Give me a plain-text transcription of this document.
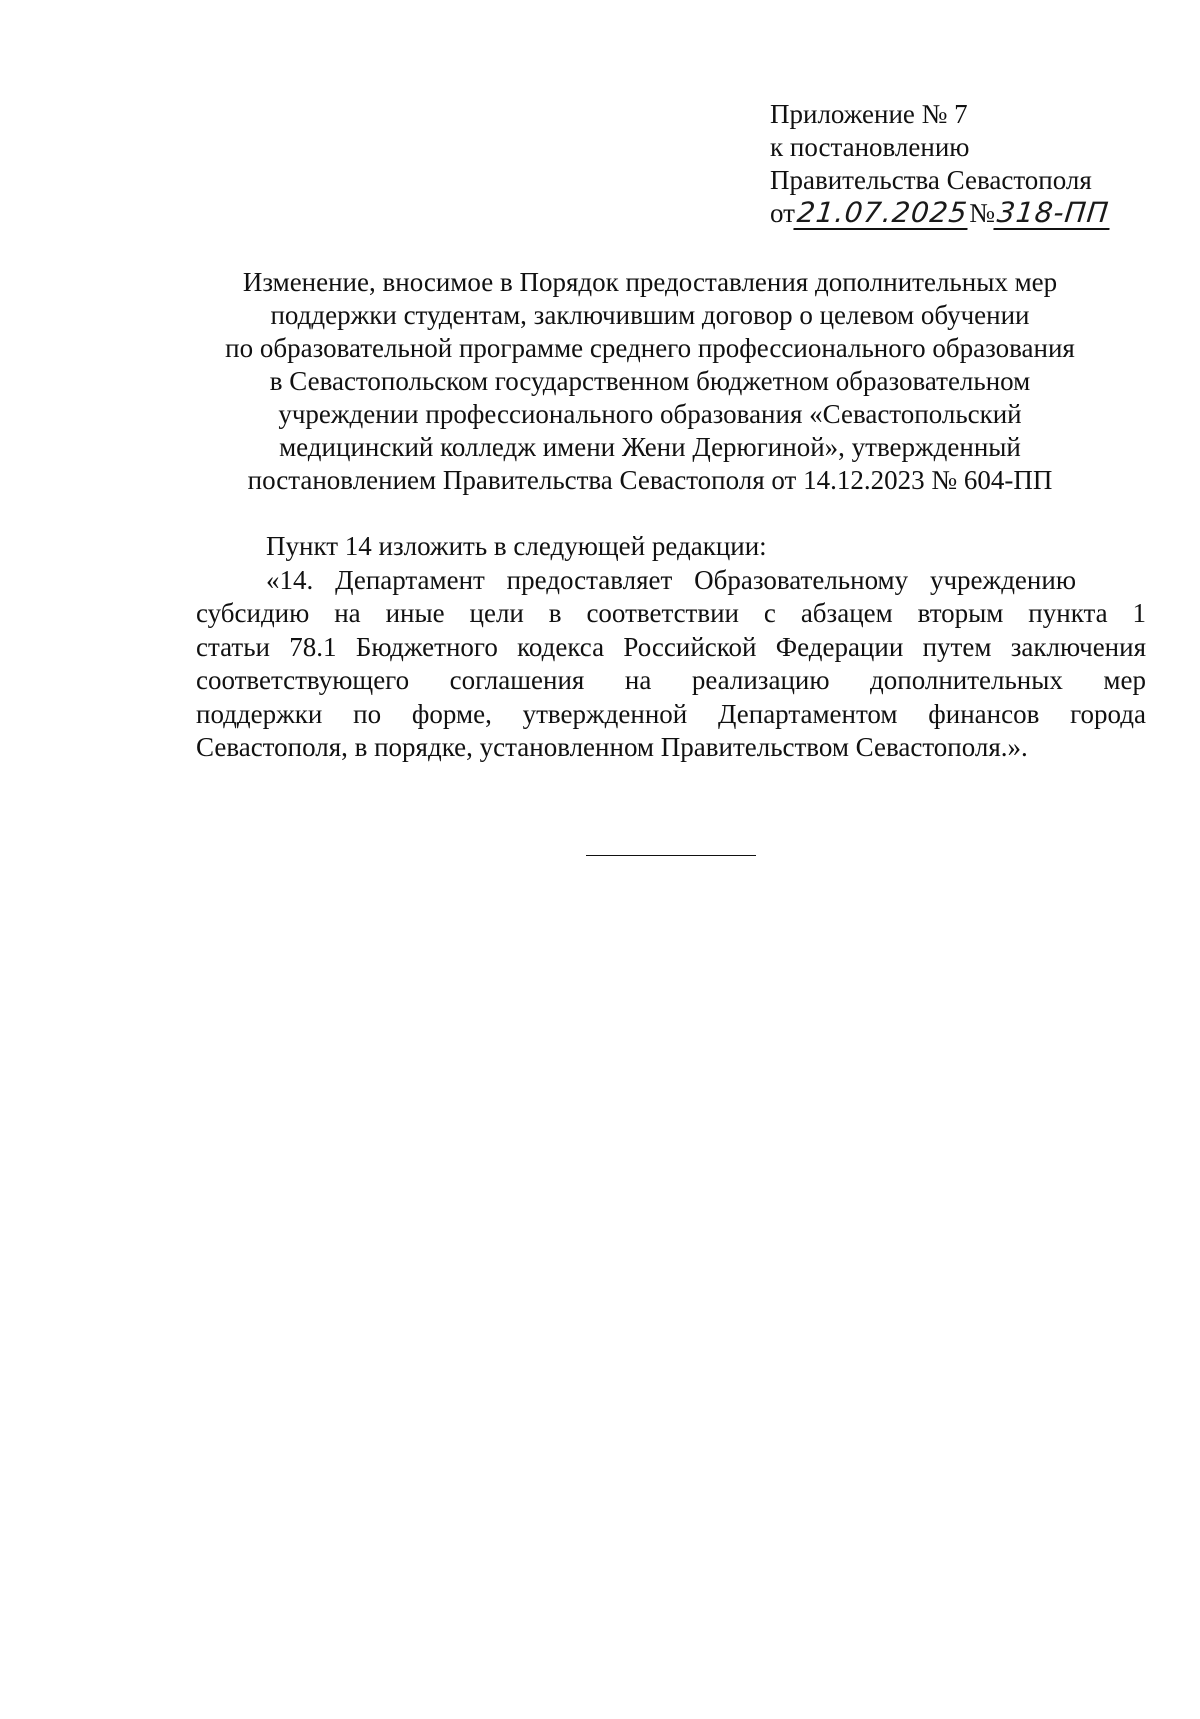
Приложение № 7
к постановлению
Правительства Севастополя
от21.07.2025№318-ПП
Изменение, вносимое в Порядок предоставления дополнительных мер
поддержки студентам, заключившим договор о целевом обучении
по образовательной программе среднего профессионального образования
в Севастопольском государственном бюджетном образовательном
учреждении профессионального образования «Севастопольский
медицинский колледж имени Жени Дерюгиной», утвержденный
постановлением Правительства Севастополя от 14.12.2023 № 604-ПП
Пункт 14 изложить в следующей редакции:
«14. Департамент предоставляет Образовательному учреждению
субсидию на иные цели в соответствии с абзацем вторым пункта 1
статьи 78.1 Бюджетного кодекса Российской Федерации путем заключения
соответствующего соглашения на реализацию дополнительных мер
поддержки по форме, утвержденной Департаментом финансов города
Севастополя, в порядке, установленном Правительством Севастополя.».
